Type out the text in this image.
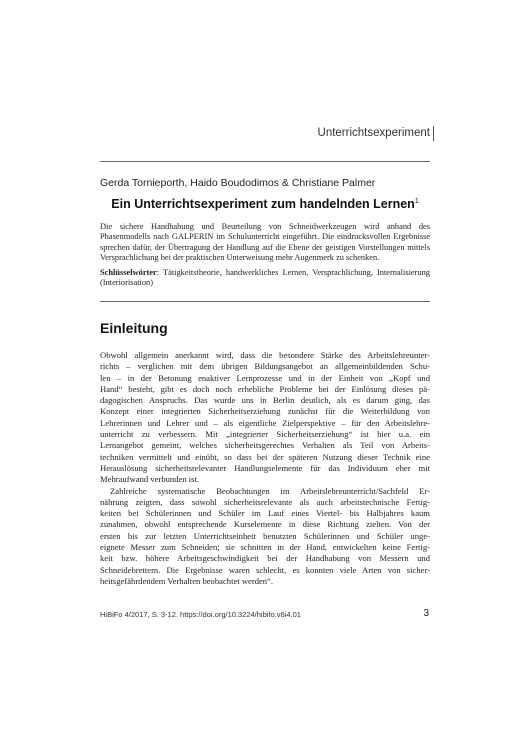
Unterrichtsexperiment
Gerda Tornieporth, Haido Boudodimos & Christiane Palmer
Ein Unterrichtsexperiment zum handelnden Lernen$^1$

Die sichere Handhabung und Beurteilung von Schneidwerkzeugen wird anhand des Phasenmodells nach GALPERIN im Schulunterricht eingeführt. Die eindrucksvollen Ergebnisse sprechen dafür, der Übertragung der Handlung auf die Ebene der geistigen Vorstellungen mittels Versprachlichung bei der praktischen Unterweisung mehr Augenmerk zu schenken.

Schlüsselwörter: Tätigkeitstheorie, handwerkliches Lernen, Versprachlichung, Internalisierung (Interiorisation)

Einleitung
Obwohl allgemein anerkannt wird, dass die besondere Stärke des Arbeitslehreunter-
richts – verglichen mit dem übrigen Bildungsangebot an allgemeinbildenden Schu-
len – in der Betonung enaktiver Lernprozesse und in der Einheit von „Kopf und
Hand“ besteht, gibt es doch noch erhebliche Probleme bei der Einlösung dieses pä-
dagogischen Anspruchs. Das wurde uns in Berlin deutlich, als es darum ging, das
Konzept einer integrierten Sicherheitserziehung zunächst für die Weiterbildung von
Lehrerinnen und Lehrer und – als eigentliche Zielperspektive – für den Arbeitslehre-
unterricht zu verbessern. Mit „integrierter Sicherheitserziehung“ ist hier u.a. ein
Lernangebot gemeint, welches sicherheitsgerechtes Verhalten als Teil von Arbeits-
techniken vermittelt und einübt, so dass bei der späteren Nutzung dieser Technik eine
Herauslösung sicherheitsrelevanter Handlungselemente für das Individuum eher mit
Mehraufwand verbunden ist.
Zahlreiche systematische Beobachtungen im Arbeitslehreunterricht/Sachfeld Er-
nährung zeigten, dass sowohl sicherheitsrelevante als auch arbeitstechnische Fertig-
keiten bei Schülerinnen und Schüler im Lauf eines Viertel- bis Halbjahres kaum
zunahmen, obwohl entsprechende Kurselemente in diese Richtung zielten. Von der
ersten bis zur letzten Unterrichtseinheit benutzten Schülerinnen und Schüler unge-
eignete Messer zum Schneiden; sie schnitten in der Hand, entwickelten keine Fertig-
keit bzw. höhere Arbeitsgeschwindigkeit bei der Handhabung von Messern und
Schneidebrettern. Die Ergebnisse waren schlecht, es konnten viele Arten von sicher-
heitsgefährdendem Verhalten beobachtet werden“.
HiBiFo 4/2017, S. 3-12. https://doi.org/10.3224/hibifo.v6i4.01	3
